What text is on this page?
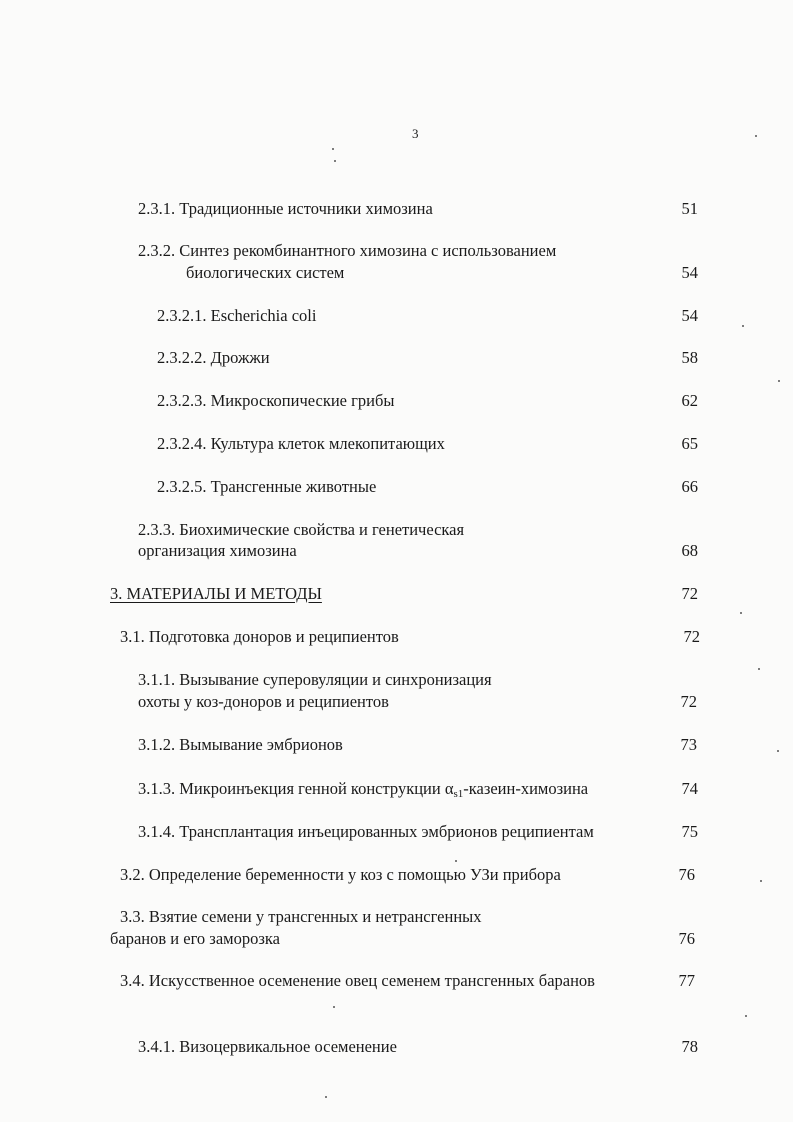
3
2.3.1. Традиционные источники химозина	51
2.3.2. Синтез рекомбинантного химозина с использованием
биологических систем	54
2.3.2.1. Escherichia coli	54
2.3.2.2. Дрожжи	58
2.3.2.3. Микроскопические грибы	62
2.3.2.4. Культура клеток млекопитающих	65
2.3.2.5. Трансгенные животные	66
2.3.3. Биохимические свойства и генетическая
организация химозина	68
3. МАТЕРИАЛЫ И МЕТОДЫ	72
3.1. Подготовка доноров и реципиентов	72
3.1.1. Вызывание суперовуляции и синхронизация
охоты у коз-доноров и реципиентов	72
3.1.2. Вымывание эмбрионов	73
3.1.3. Микроинъекция генной конструкции $\alpha_{s1}-казеин$-химозина	74
3.1.4. Трансплантация инъецированных эмбрионов реципиентам	75
3.2. Определение беременности у коз с помощью УЗи прибора	76
3.3. Взятие семени у трансгенных и нетрансгенных
баранов и его заморозка	76
3.4. Искусственное осеменение овец семенем трансгенных баранов	77
3.4.1. Визоцервикальное осеменение	78
